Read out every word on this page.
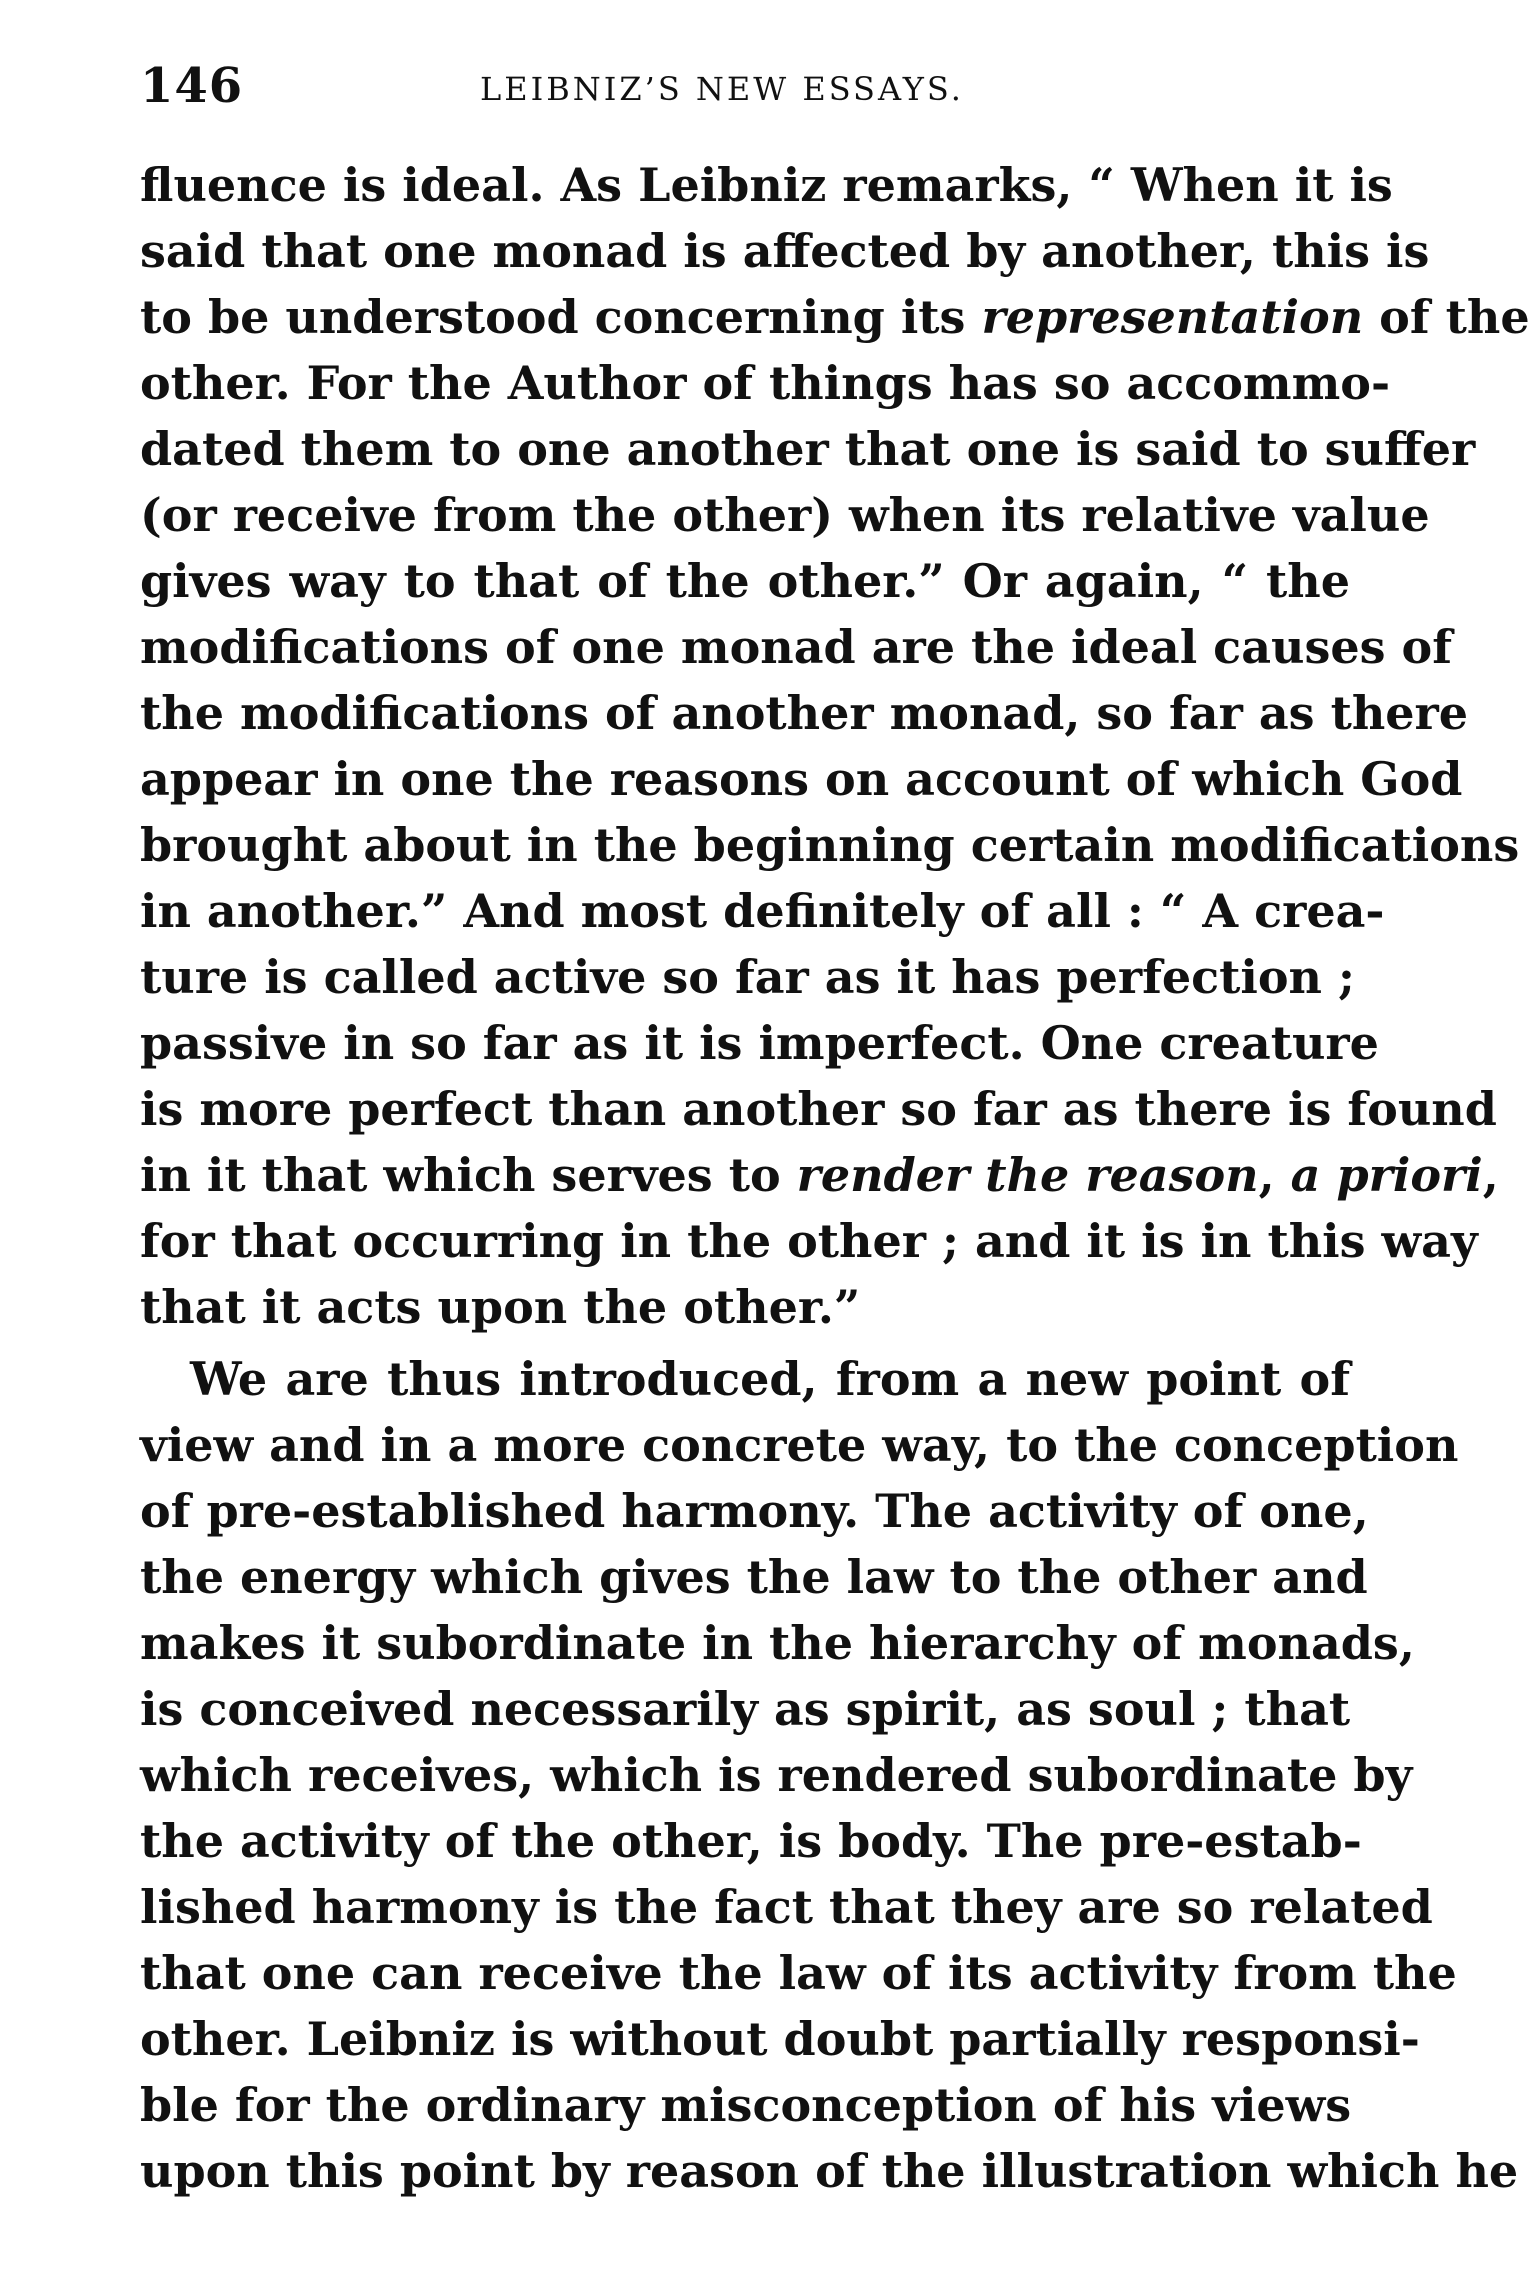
146	LEIBNIZ’S NEW ESSAYS.
fluence is ideal. As Leibniz remarks, “ When it is
said that one monad is affected by another, this is
to be understood concerning its representation of the
other. For the Author of things has so accommo-
dated them to one another that one is said to suffer
(or receive from the other) when its relative value
gives way to that of the other.” Or again, “ the
modifications of one monad are the ideal causes of
the modifications of another monad, so far as there
appear in one the reasons on account of which God
brought about in the beginning certain modifications
in another.” And most definitely of all : “ A crea-
ture is called active so far as it has perfection ;
passive in so far as it is imperfect. One creature
is more perfect than another so far as there is found
in it that which serves to render the reason, a priori,
for that occurring in the other ; and it is in this way
that it acts upon the other.”
We are thus introduced, from a new point of
view and in a more concrete way, to the conception
of pre-established harmony. The activity of one,
the energy which gives the law to the other and
makes it subordinate in the hierarchy of monads,
is conceived necessarily as spirit, as soul ; that
which receives, which is rendered subordinate by
the activity of the other, is body. The pre-estab-
lished harmony is the fact that they are so related
that one can receive the law of its activity from the
other. Leibniz is without doubt partially responsi-
ble for the ordinary misconception of his views
upon this point by reason of the illustration which he
